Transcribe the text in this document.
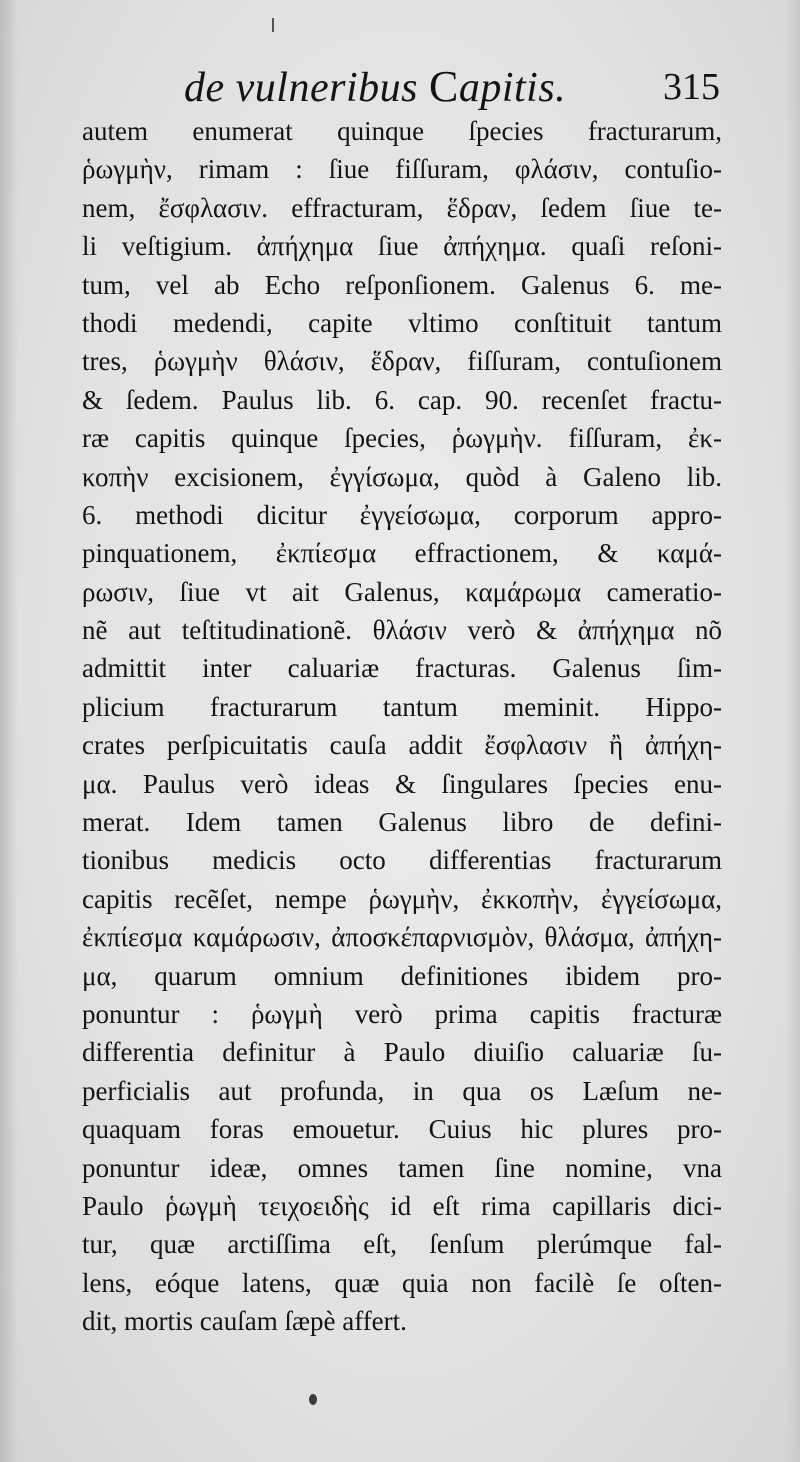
de vulneribus Capitis.	315
autem enumerat quinque ſpecies fracturarum,
ῥωγμὴν, rimam : ſiue fiſſuram, φλάσιν, contuſio-
nem, ἔσφλασιν. effracturam, ἕδραν, ſedem ſiue te-
li veſtigium. ἀπήχημα ſiue ἀπήχημα. quaſi reſoni-
tum, vel ab Echo reſponſionem. Galenus 6. me-
thodi medendi, capite vltimo conſtituit tantum
tres, ῥωγμὴν θλάσιν, ἕδραν, fiſſuram, contuſionem
& ſedem. Paulus lib. 6. cap. 90. recenſet fractu-
ræ capitis quinque ſpecies, ῥωγμὴν. fiſſuram, ἐκ-
κοπὴν excisionem, ἐγγίσωμα, quòd à Galeno lib.
6. methodi dicitur ἐγγείσωμα, corporum appro-
pinquationem, ἐκπίεσμα effractionem, & καμά-
ρωσιν, ſiue vt ait Galenus, καμάρωμα cameratio-
nẽ aut teſtitudinationẽ. θλάσιν verò & ἀπήχημα nõ
admittit inter caluariæ fracturas. Galenus ſim-
plicium fracturarum tantum meminit. Hippo-
crates perſpicuitatis cauſa addit ἔσφλασιν ἢ ἀπήχη-
μα. Paulus verò ideas & ſingulares ſpecies enu-
merat. Idem tamen Galenus libro de defini-
tionibus medicis octo differentias fracturarum
capitis recẽſet, nempe ῥωγμὴν, ἐκκοπὴν, ἐγγείσωμα,
ἐκπίεσμα καμάρωσιν, ἀποσκέπαρνισμὸν, θλάσμα, ἀπήχη-
μα, quarum omnium definitiones ibidem pro-
ponuntur : ῥωγμὴ verò prima capitis fracturæ
differentia definitur à Paulo diuiſio caluariæ ſu-
perficialis aut profunda, in qua os Læſum ne-
quaquam foras emouetur. Cuius hic plures pro-
ponuntur ideæ, omnes tamen ſine nomine, vna
Paulo ῥωγμὴ τειχοειδὴς id eſt rima capillaris dici-
tur, quæ arctiſſima eſt, ſenſum plerúmque fal-
lens, eóque latens, quæ quia non facilè ſe oſten-
dit, mortis cauſam ſæpè affert.
